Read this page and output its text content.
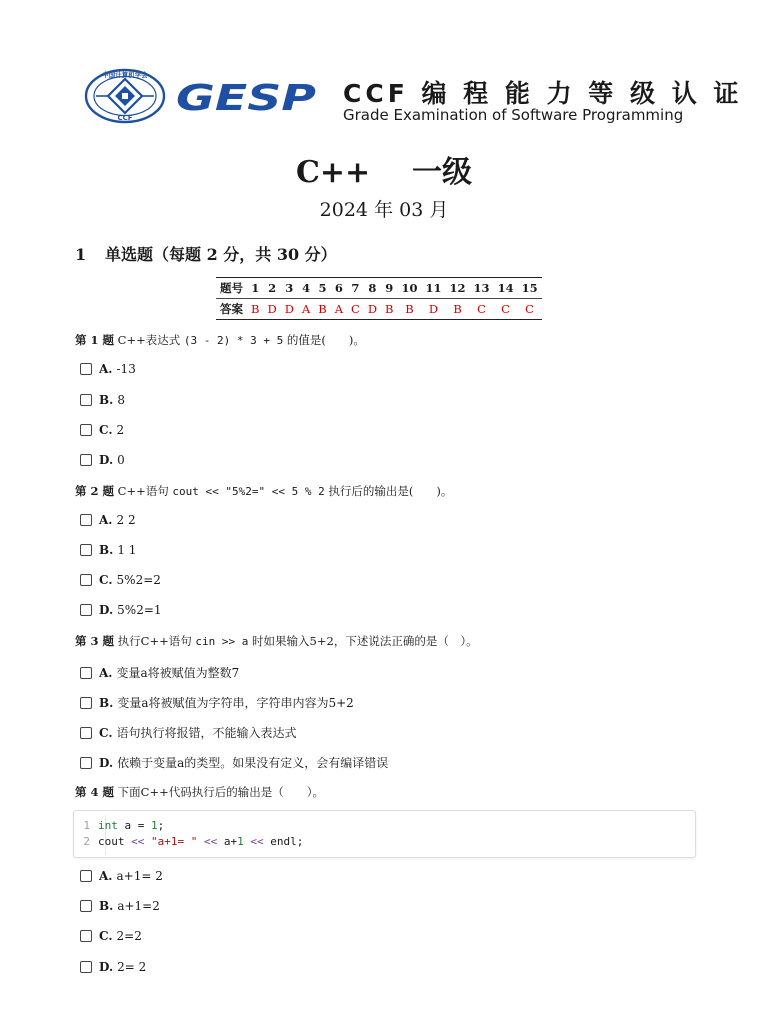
中国计算机学会
CCF GESP CCF 编 程 能 力 等 级 认 证
Grade Examination of Software Programming
C++    一级
2024 年 03 月
1 单选题（每题 2 分，共 30 分）
题号	1	2	3	4	5	6	7	8	9	10	11	12	13	14	15
答案	B	D	D	A	B	A	C	D	B	B	D	B	C	C	C
第 1 题 C++表达式 (3 - 2) * 3 + 5 的值是(　　)。
A. -13
B. 8
C. 2
D. 0
第 2 题 C++语句 cout << "5%2=" << 5 % 2 执行后的输出是(　　)。
A. 2 2
B. 1 1
C. 5%2=2
D. 5%2=1
第 3 题 执行C++语句 cin >> a 时如果输入5+2，下述说法正确的是（　）。
A. 变量a将被赋值为整数7
B. 变量a将被赋值为字符串，字符串内容为5+2
C. 语句执行将报错，不能输入表达式
D. 依赖于变量a的类型。如果没有定义，会有编译错误
第 4 题 下面C++代码执行后的输出是（　　）。
1 int a = 1 ;
2 cout << "a+1= " << a+ 1 << endl;
A. a+1= 2
B. a+1=2
C. 2=2
D. 2= 2
